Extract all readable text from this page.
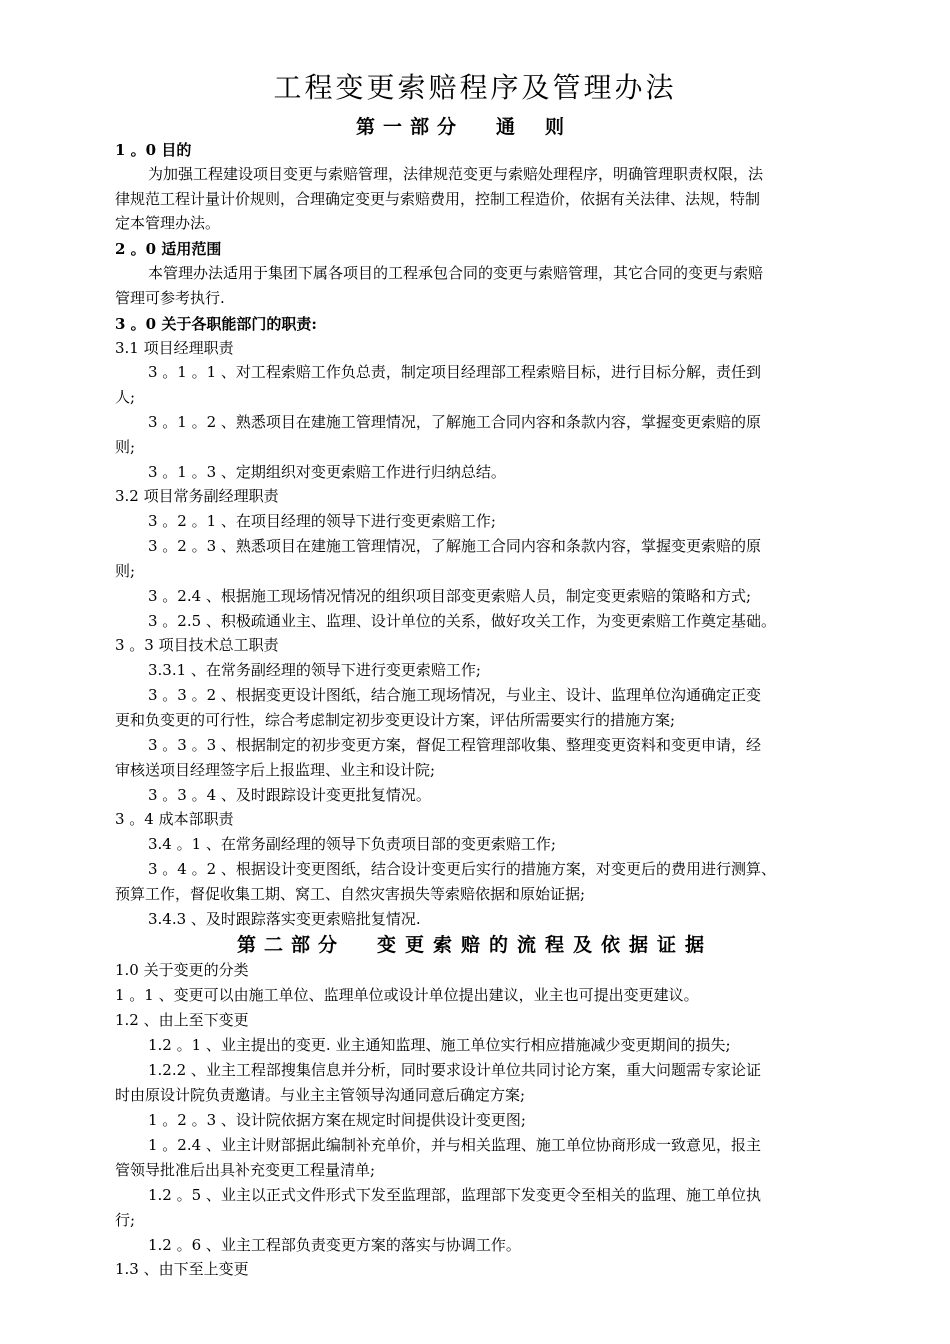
工程变更索赔程序及管理办法
第一部分 通则
1 。0 目的
为加强工程建设项目变更与索赔管理，法律规范变更与索赔处理程序，明确管理职责权限，法
律规范工程计量计价规则，合理确定变更与索赔费用，控制工程造价，依据有关法律、法规，特制
定本管理办法。
2 。0 适用范围
本管理办法适用于集团下属各项目的工程承包合同的变更与索赔管理，其它合同的变更与索赔
管理可参考执行.
3 。0 关于各职能部门的职责:
3.1 项目经理职责
3 。1 。1 、对工程索赔工作负总责，制定项目经理部工程索赔目标，进行目标分解，责任到
人;
3 。1 。2 、熟悉项目在建施工管理情况，了解施工合同内容和条款内容，掌握变更索赔的原
则;
3 。1 。3 、定期组织对变更索赔工作进行归纳总结。
3.2 项目常务副经理职责
3 。2 。1 、在项目经理的领导下进行变更索赔工作;
3 。2 。3 、熟悉项目在建施工管理情况，了解施工合同内容和条款内容，掌握变更索赔的原
则;
3 。2.4 、根据施工现场情况情况的组织项目部变更索赔人员，制定变更索赔的策略和方式;
3 。2.5 、积极疏通业主、监理、设计单位的关系，做好攻关工作，为变更索赔工作奠定基础。
3 。3 项目技术总工职责
3.3.1 、在常务副经理的领导下进行变更索赔工作;
3 。3 。2 、根据变更设计图纸，结合施工现场情况，与业主、设计、监理单位沟通确定正变
更和负变更的可行性，综合考虑制定初步变更设计方案，评估所需要实行的措施方案;
3 。3 。3 、根据制定的初步变更方案，督促工程管理部收集、整理变更资料和变更申请，经
审核送项目经理签字后上报监理、业主和设计院;
3 。3 。4 、及时跟踪设计变更批复情况。
3 。4 成本部职责
3.4 。1 、在常务副经理的领导下负责项目部的变更索赔工作;
3 。4 。2 、根据设计变更图纸，结合设计变更后实行的措施方案，对变更后的费用进行测算、
预算工作，督促收集工期、窝工、自然灾害损失等索赔依据和原始证据;
3.4.3 、及时跟踪落实变更索赔批复情况.
第二部分 变更索赔的流程及依据证据
1.0 关于变更的分类
1 。1 、变更可以由施工单位、监理单位或设计单位提出建议，业主也可提出变更建议。
1.2 、由上至下变更
1.2 。1 、业主提出的变更. 业主通知监理、施工单位实行相应措施减少变更期间的损失;
1.2.2 、业主工程部搜集信息并分析，同时要求设计单位共同讨论方案，重大问题需专家论证
时由原设计院负责邀请。与业主主管领导沟通同意后确定方案;
1 。2 。3 、设计院依据方案在规定时间提供设计变更图;
1 。2.4 、业主计财部据此编制补充单价，并与相关监理、施工单位协商形成一致意见，报主
管领导批准后出具补充变更工程量清单;
1.2 。5 、业主以正式文件形式下发至监理部，监理部下发变更令至相关的监理、施工单位执
行;
1.2 。6 、业主工程部负责变更方案的落实与协调工作。
1.3 、由下至上变更
